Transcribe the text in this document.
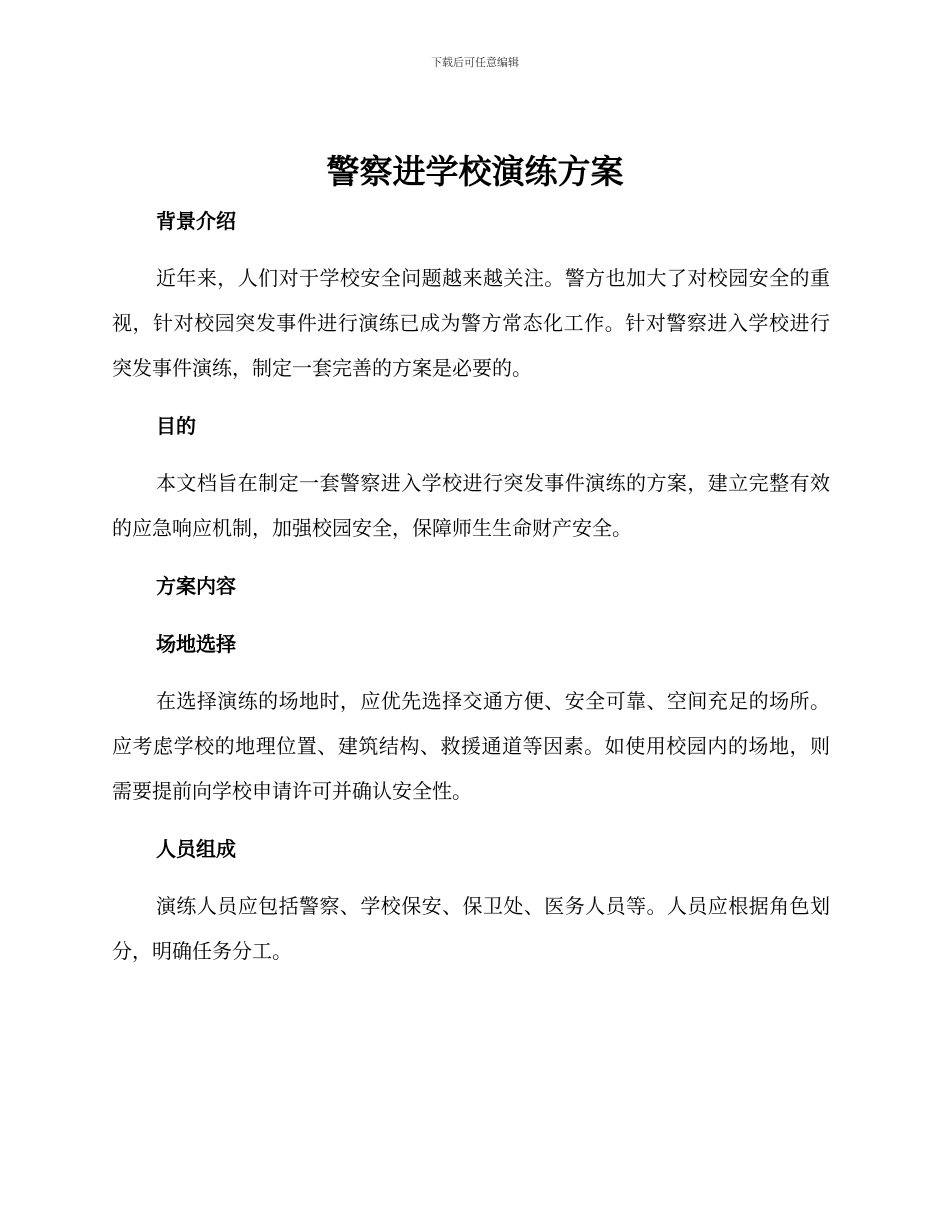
下载后可任意编辑
警察进学校演练方案
背景介绍

近年来，人们对于学校安全问题越来越关注。警方也加大了对校园安全的重视，针对校园突发事件进行演练已成为警方常态化工作。针对警察进入学校进行突发事件演练，制定一套完善的方案是必要的。

目的

本文档旨在制定一套警察进入学校进行突发事件演练的方案，建立完整有效的应急响应机制，加强校园安全，保障师生生命财产安全。

方案内容
场地选择

在选择演练的场地时，应优先选择交通方便、安全可靠、空间充足的场所。应考虑学校的地理位置、建筑结构、救援通道等因素。如使用校园内的场地，则需要提前向学校申请许可并确认安全性。

人员组成

演练人员应包括警察、学校保安、保卫处、医务人员等。人员应根据角色划分，明确任务分工。
